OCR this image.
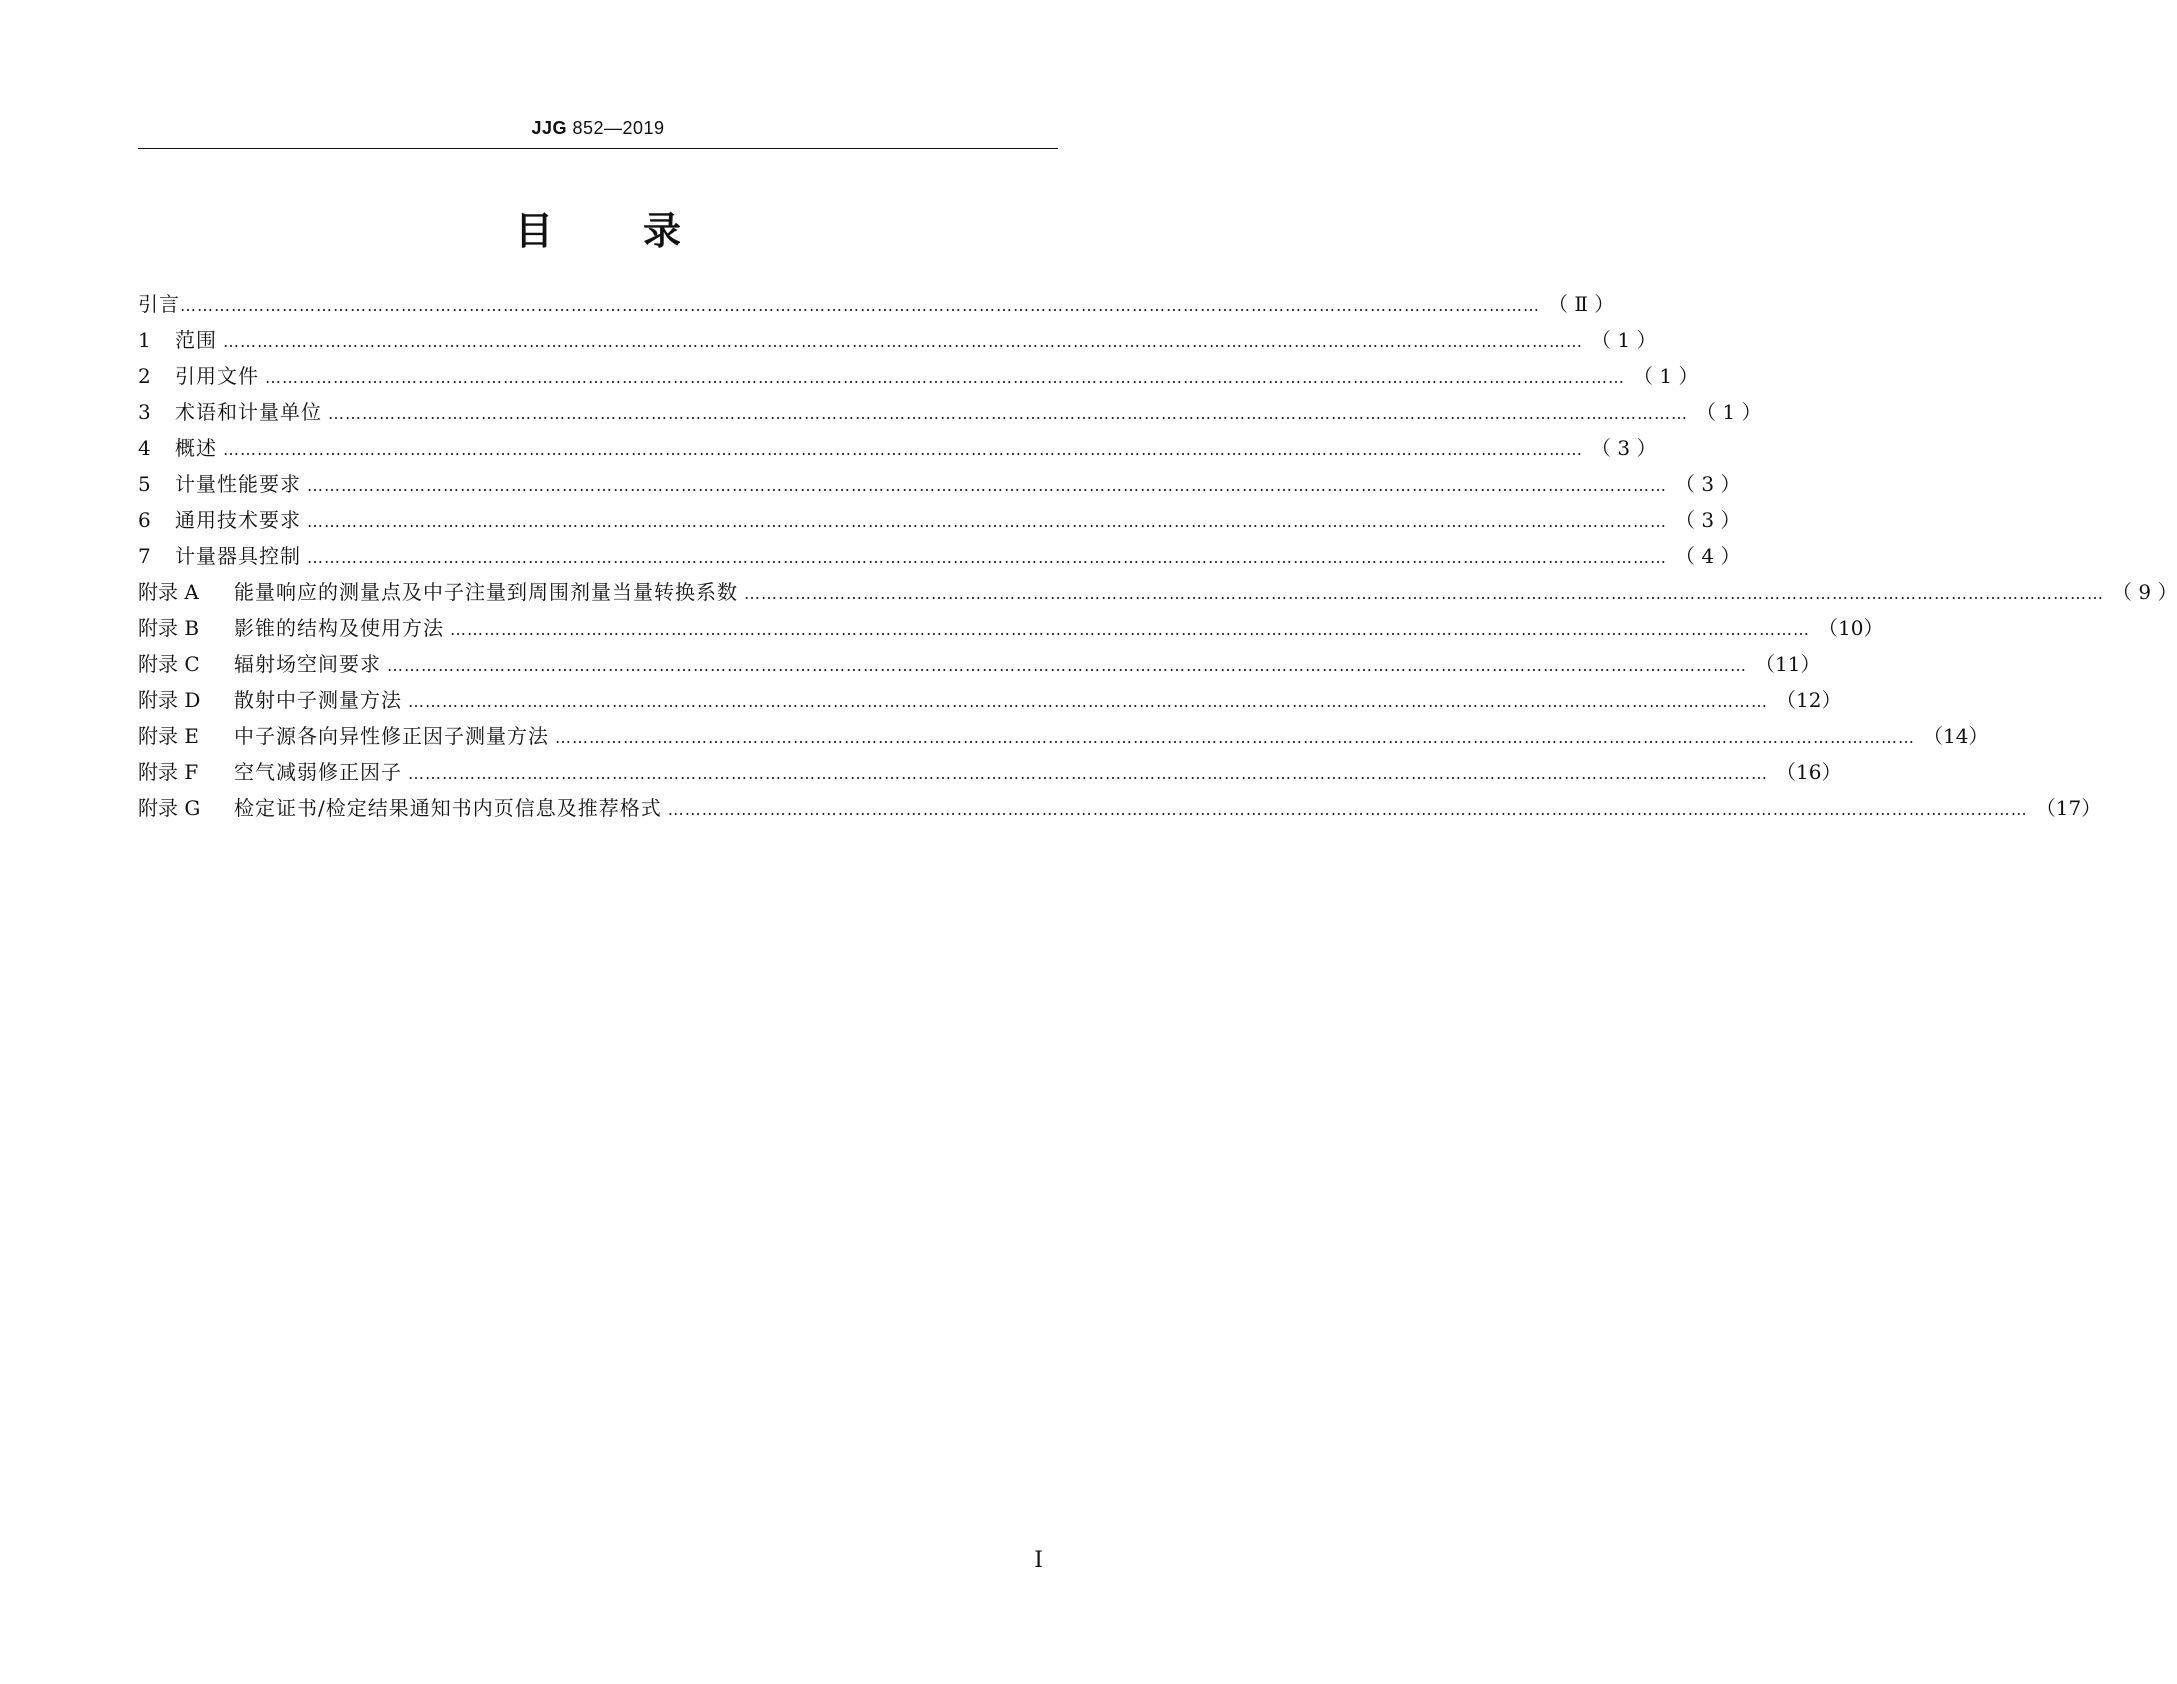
JJG 852—2019
目 录
引言 …………………………………………………………………………………………………………………………………………………………………………………………………………………… （ Ⅱ ）
1	范围 …………………………………………………………………………………………………………………………………………………………………………………………………………………… （ 1 ）
2	引用文件 …………………………………………………………………………………………………………………………………………………………………………………………………………………… （ 1 ）
3	术语和计量单位 …………………………………………………………………………………………………………………………………………………………………………………………………………………… （ 1 ）
4	概述 …………………………………………………………………………………………………………………………………………………………………………………………………………………… （ 3 ）
5	计量性能要求 …………………………………………………………………………………………………………………………………………………………………………………………………………………… （ 3 ）
6	通用技术要求 …………………………………………………………………………………………………………………………………………………………………………………………………………………… （ 3 ）
7	计量器具控制 …………………………………………………………………………………………………………………………………………………………………………………………………………………… （ 4 ）
附录 A	能量响应的测量点及中子注量到周围剂量当量转换系数 …………………………………………………………………………………………………………………………………………………………………………………………………………………… （ 9 ）
附录 B	影锥的结构及使用方法 …………………………………………………………………………………………………………………………………………………………………………………………………………………… （10）
附录 C	辐射场空间要求 …………………………………………………………………………………………………………………………………………………………………………………………………………………… （11）
附录 D	散射中子测量方法 …………………………………………………………………………………………………………………………………………………………………………………………………………………… （12）
附录 E	中子源各向异性修正因子测量方法 …………………………………………………………………………………………………………………………………………………………………………………………………………………… （14）
附录 F	空气减弱修正因子 …………………………………………………………………………………………………………………………………………………………………………………………………………………… （16）
附录 G	检定证书/检定结果通知书内页信息及推荐格式 …………………………………………………………………………………………………………………………………………………………………………………………………………………… （17）
Ⅰ
